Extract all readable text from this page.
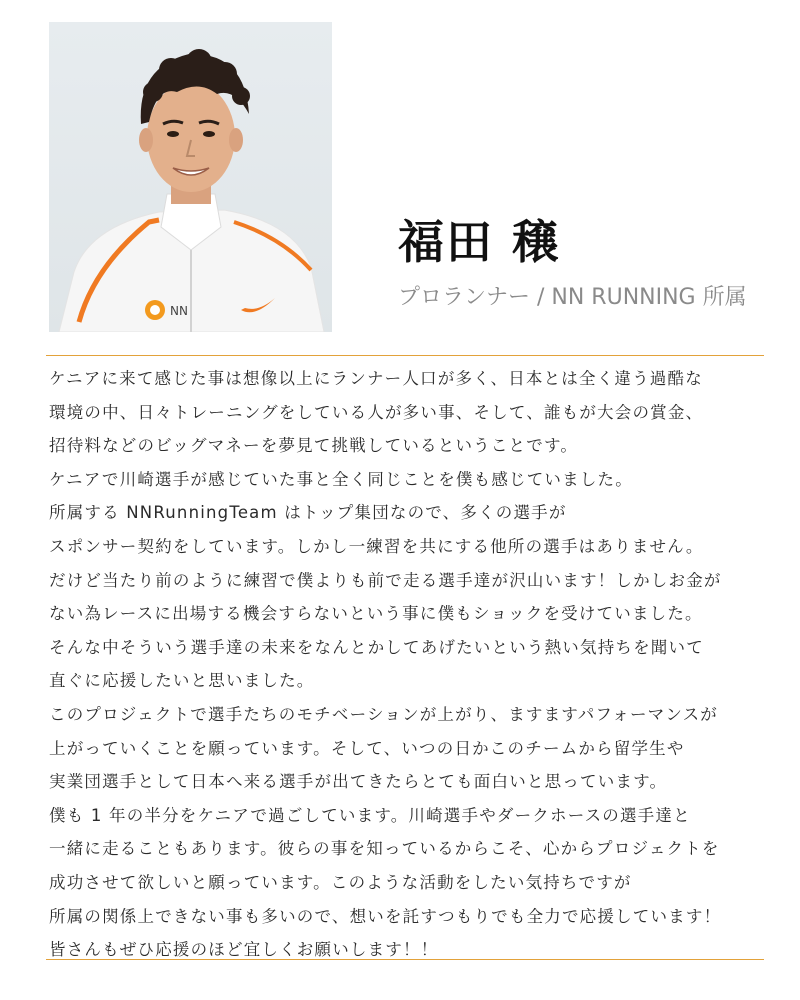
NN
福田 穣
プロランナー / NN RUNNING 所属
ケニアに来て感じた事は想像以上にランナー人口が多く、日本とは全く違う過酷な
環境の中、日々トレーニングをしている人が多い事、そして、誰もが大会の賞金、
招待料などのビッグマネーを夢見て挑戦しているということです。
ケニアで川崎選手が感じていた事と全く同じことを僕も感じていました。
所属する NNRunningTeam はトップ集団なので、多くの選手が
スポンサー契約をしています。しかし一練習を共にする他所の選手はありません。
だけど当たり前のように練習で僕よりも前で走る選手達が沢山います！しかしお金が
ない為レースに出場する機会すらないという事に僕もショックを受けていました。
そんな中そういう選手達の未来をなんとかしてあげたいという熱い気持ちを聞いて
直ぐに応援したいと思いました。
このプロジェクトで選手たちのモチベーションが上がり、ますますパフォーマンスが
上がっていくことを願っています。そして、いつの日かこのチームから留学生や
実業団選手として日本へ来る選手が出てきたらとても面白いと思っています。
僕も 1 年の半分をケニアで過ごしています。川崎選手やダークホースの選手達と
一緒に走ることもあります。彼らの事を知っているからこそ、心からプロジェクトを
成功させて欲しいと願っています。このような活動をしたい気持ちですが
所属の関係上できない事も多いので、想いを託すつもりでも全力で応援しています！
皆さんもぜひ応援のほど宜しくお願いします！！
